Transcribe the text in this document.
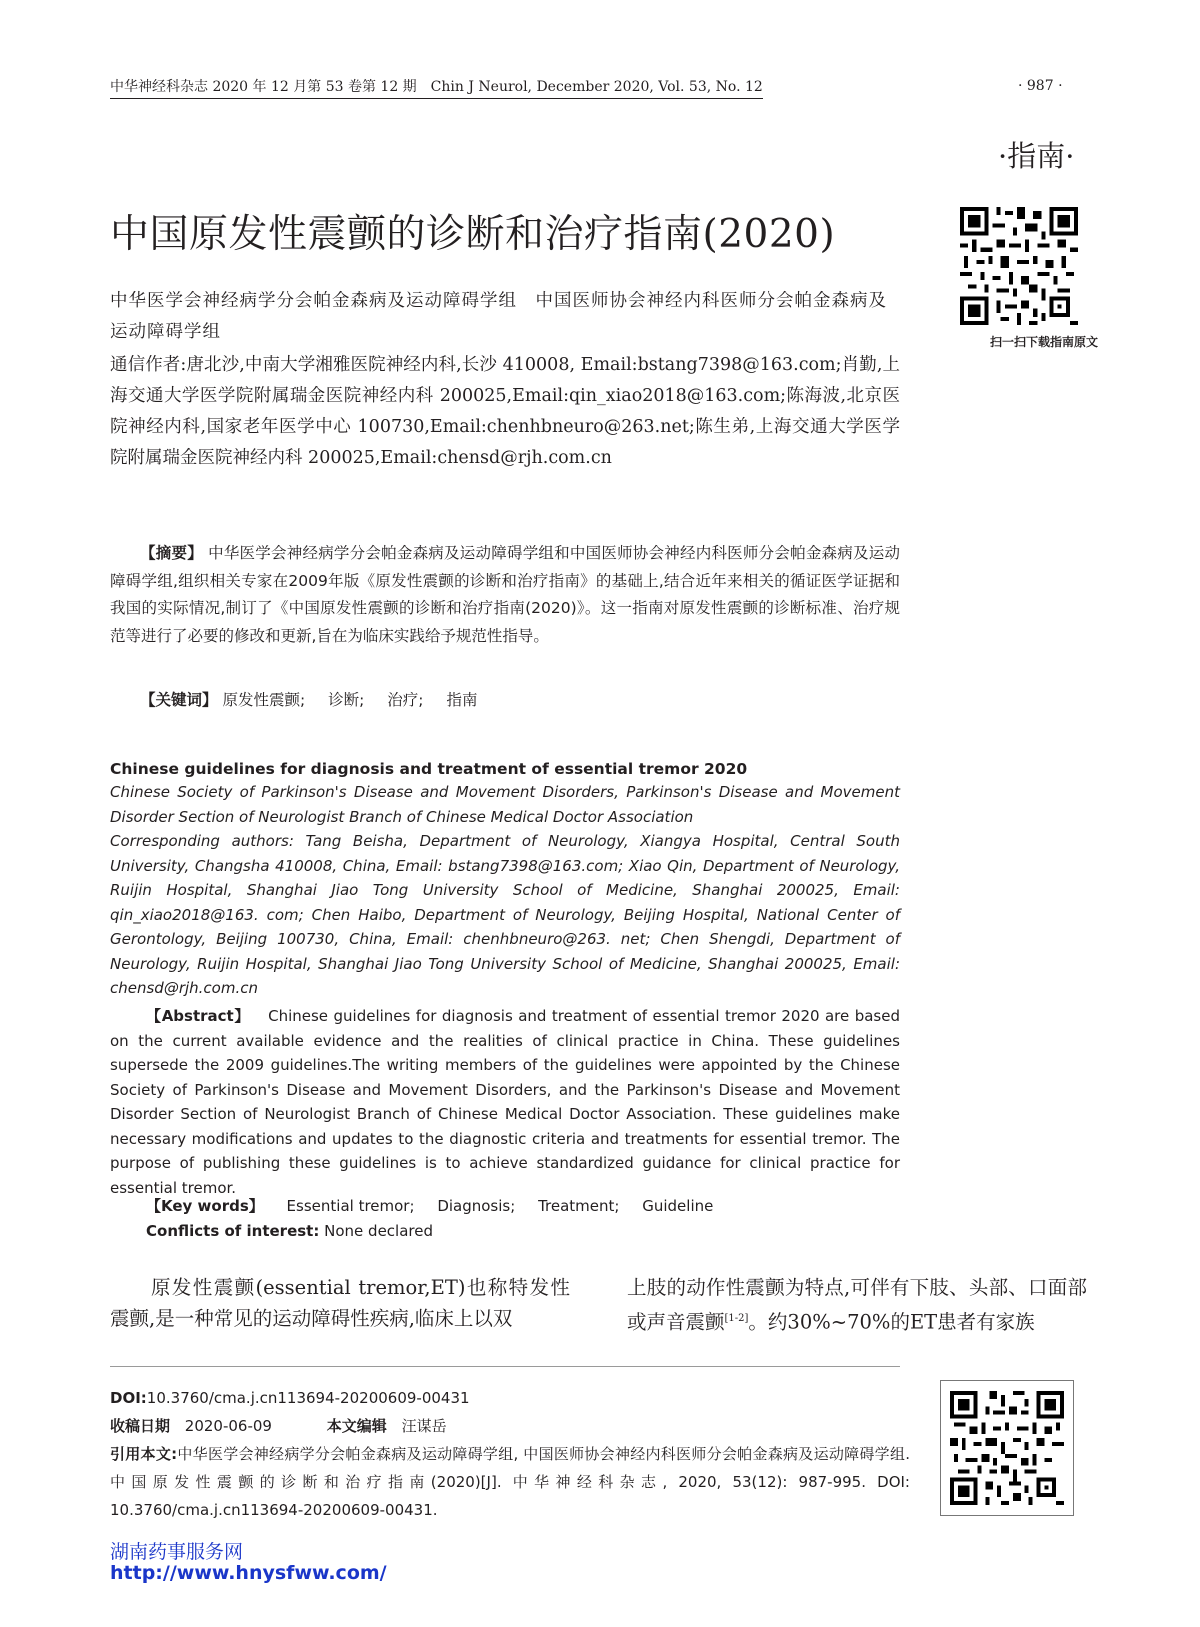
中华神经科杂志 2020 年 12 月第 53 卷第 12 期　Chin J Neurol, December 2020, Vol. 53, No. 12	· 987 ·
·指南·
中国原发性震颤的诊断和治疗指南(2020)
扫一扫下载指南原文
中华医学会神经病学分会帕金森病及运动障碍学组　中国医师协会神经内科医师分会帕金森病及运动障碍学组
通信作者:唐北沙,中南大学湘雅医院神经内科,长沙 410008, Email:bstang7398@163.com;肖勤,上海交通大学医学院附属瑞金医院神经内科 200025,Email:qin_xiao2018@163.com;陈海波,北京医院神经内科,国家老年医学中心 100730,Email:chenhbneuro@263.net;陈生弟,上海交通大学医学院附属瑞金医院神经内科 200025,Email:chensd@rjh.com.cn
【摘要】 中华医学会神经病学分会帕金森病及运动障碍学组和中国医师协会神经内科医师分会帕金森病及运动障碍学组,组织相关专家在2009年版《原发性震颤的诊断和治疗指南》的基础上,结合近年来相关的循证医学证据和我国的实际情况,制订了《中国原发性震颤的诊断和治疗指南(2020)》。这一指南对原发性震颤的诊断标准、治疗规范等进行了必要的修改和更新,旨在为临床实践给予规范性指导。
【关键词】 原发性震颤; 诊断; 治疗; 指南
Chinese guidelines for diagnosis and treatment of essential tremor 2020
Chinese Society of Parkinson's Disease and Movement Disorders, Parkinson's Disease and Movement Disorder Section of Neurologist Branch of Chinese Medical Doctor Association
Corresponding authors: Tang Beisha, Department of Neurology, Xiangya Hospital, Central South University, Changsha 410008, China, Email: bstang7398@163.com; Xiao Qin, Department of Neurology, Ruijin Hospital, Shanghai Jiao Tong University School of Medicine, Shanghai 200025, Email: qin_xiao2018@163. com; Chen Haibo, Department of Neurology, Beijing Hospital, National Center of Gerontology, Beijing 100730, China, Email: chenhbneuro@263. net; Chen Shengdi, Department of Neurology, Ruijin Hospital, Shanghai Jiao Tong University School of Medicine, Shanghai 200025, Email: chensd@rjh.com.cn
【Abstract】 Chinese guidelines for diagnosis and treatment of essential tremor 2020 are based on the current available evidence and the realities of clinical practice in China. These guidelines supersede the 2009 guidelines.The writing members of the guidelines were appointed by the Chinese Society of Parkinson's Disease and Movement Disorders, and the Parkinson's Disease and Movement Disorder Section of Neurologist Branch of Chinese Medical Doctor Association. These guidelines make necessary modifications and updates to the diagnostic criteria and treatments for essential tremor. The purpose of publishing these guidelines is to achieve standardized guidance for clinical practice for essential tremor.
【Key words】 Essential tremor; Diagnosis; Treatment; Guideline
Conflicts of interest: None declared
原发性震颤(essential tremor,ET)也称特发性震颤,是一种常见的运动障碍性疾病,临床上以双
上肢的动作性震颤为特点,可伴有下肢、头部、口面部或声音震颤[1-2]。约30%~70%的ET患者有家族
DOI:10.3760/cma.j.cn113694-20200609-00431
收稿日期 2020-06-09	本文编辑 汪谋岳
引用本文:中华医学会神经病学分会帕金森病及运动障碍学组, 中国医师协会神经内科医师分会帕金森病及运动障碍学组. 中国原发性震颤的诊断和治疗指南(2020)[J]. 中华神经科杂志, 2020, 53(12): 987-995. DOI: 10.3760/cma.j.cn113694-20200609-00431.
湖南药事服务网
http://www.hnysfww.com/
